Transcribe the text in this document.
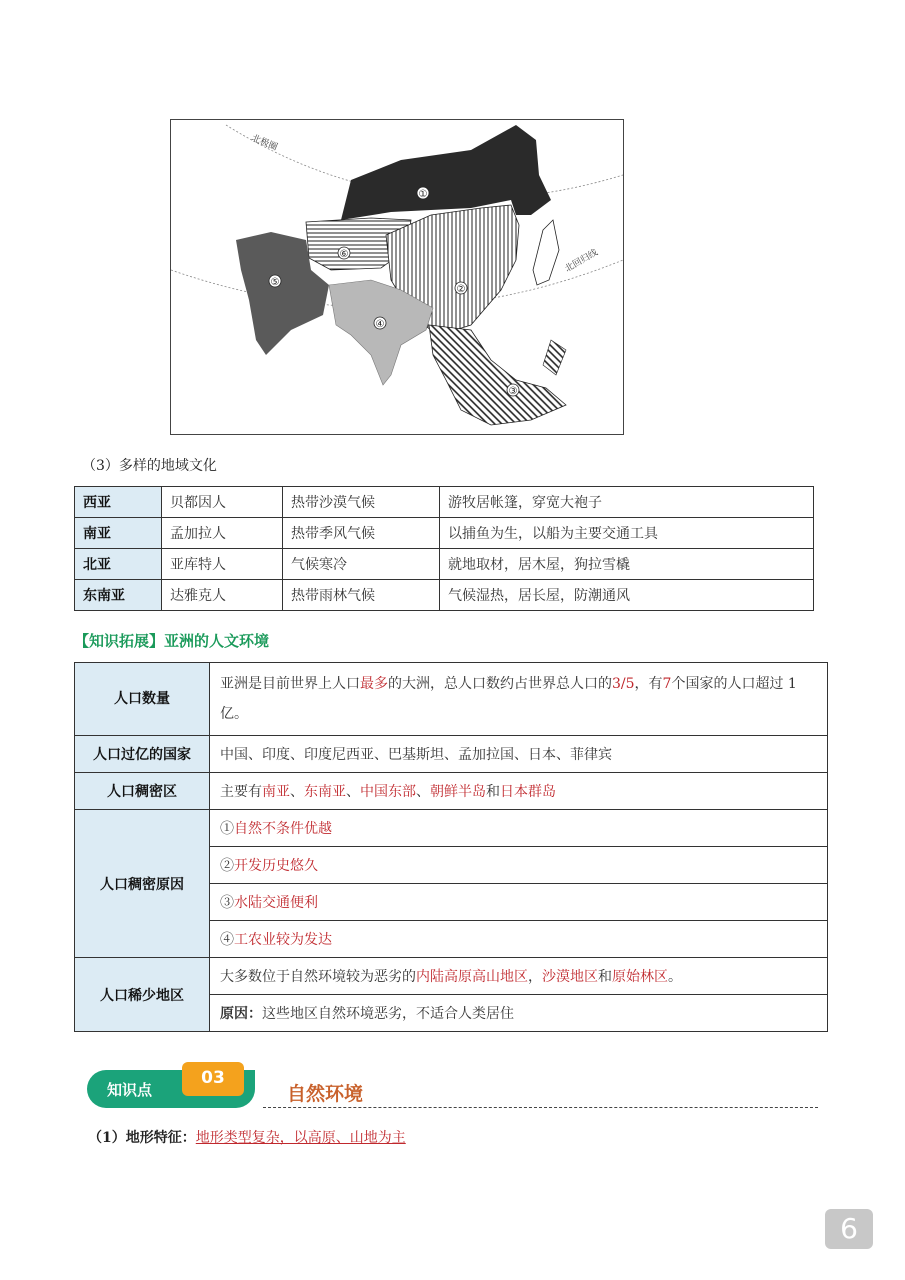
北极圈
北回归线
①
②
③
④
⑤
⑥
（3）多样的地域文化
西亚	贝都因人	热带沙漠气候	游牧居帐篷，穿宽大袍子
南亚	孟加拉人	热带季风气候	以捕鱼为生，以船为主要交通工具
北亚	亚库特人	气候寒冷	就地取材，居木屋，狗拉雪橇
东南亚	达雅克人	热带雨林气候	气候湿热，居长屋，防潮通风
【知识拓展】亚洲的人文环境
人口数量	亚洲是目前世界上人口最多的大洲，总人口数约占世界总人口的3/5，有7个国家的人口超过 1 亿。
人口过亿的国家	中国、印度、印度尼西亚、巴基斯坦、孟加拉国、日本、菲律宾
人口稠密区	主要有南亚、东南亚、中国东部、朝鲜半岛和日本群岛
人口稠密原因	①自然不条件优越
	②开发历史悠久
	③水陆交通便利
	④工农业较为发达
人口稀少地区	大多数位于自然环境较为恶劣的内陆高原高山地区，沙漠地区和原始林区。
	原因：这些地区自然环境恶劣，不适合人类居住
知识点
03
自然环境
（1）地形特征：地形类型复杂，以高原、山地为主
6
